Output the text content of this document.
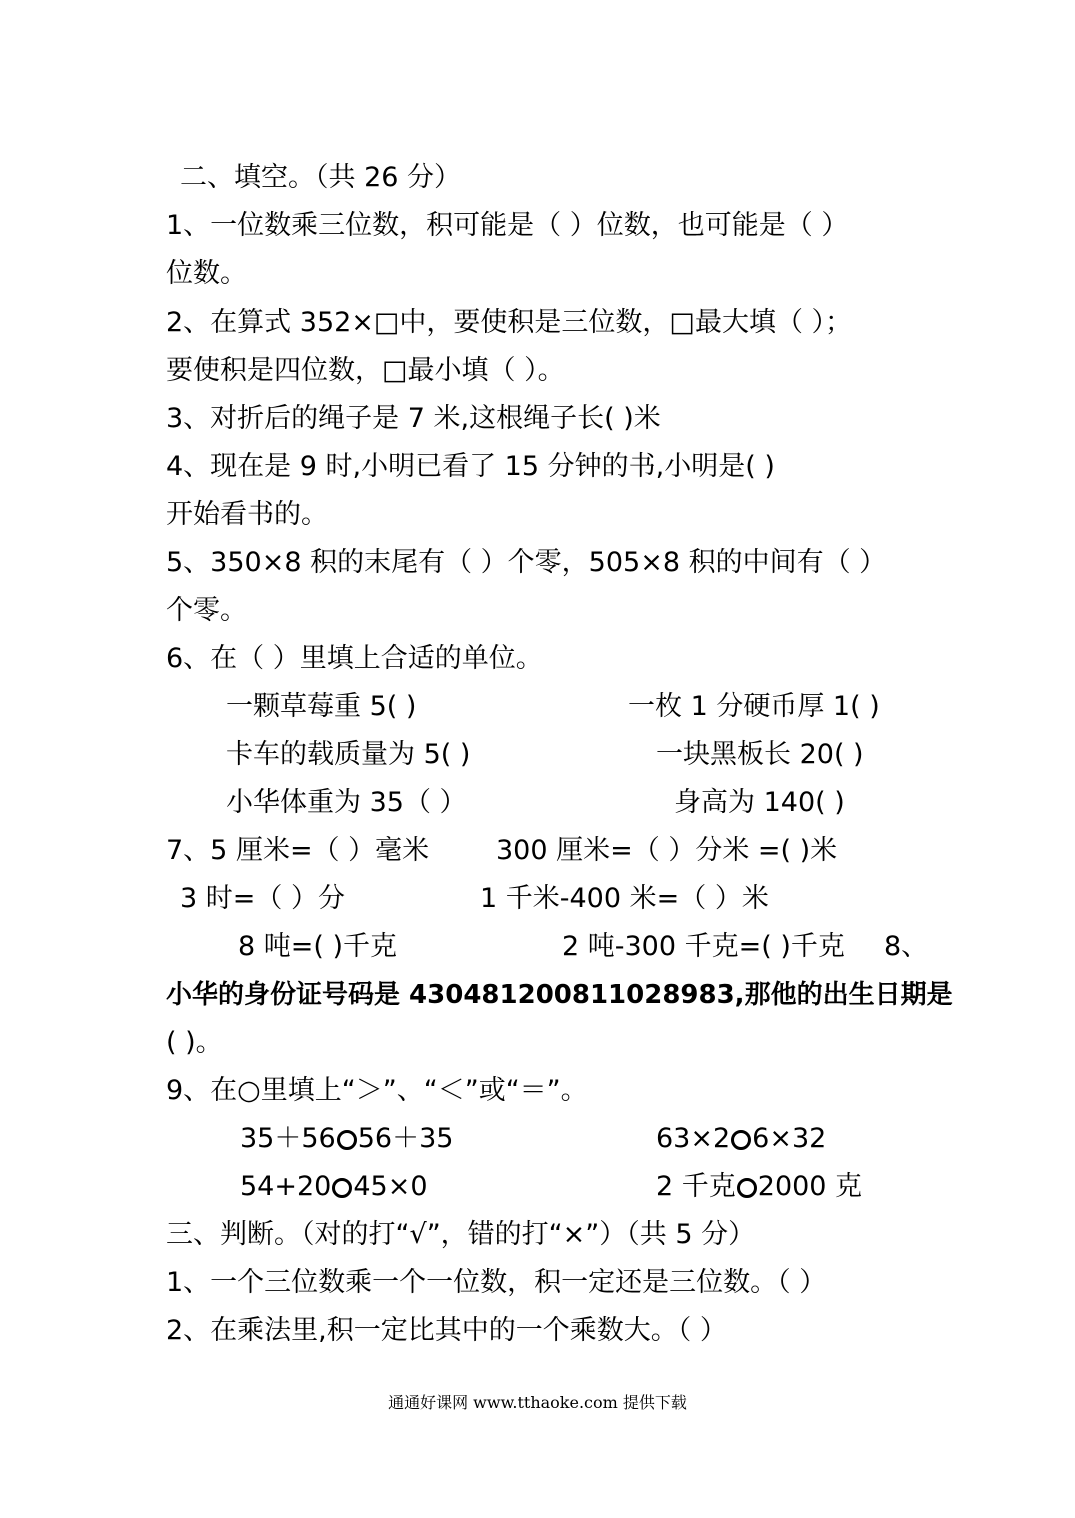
二、填空。（共 26 分）
1、一位数乘三位数，积可能是（ ）位数，也可能是（ ）
位数。
2、在算式 352×□中，要使积是三位数，□最大填（ ）；
要使积是四位数，□最小填（ ）。
3、对折后的绳子是 7 米,这根绳子长( )米
4、现在是 9 时,小明已看了 15 分钟的书,小明是( )
开始看书的。
5、350×8 积的末尾有（ ）个零，505×8 积的中间有（ ）
个零。
6、在（ ）里填上合适的单位。
一颗草莓重 5( )	一枚 1 分硬币厚 1( )
卡车的载质量为 5( )	一块黑板长 20( )
小华体重为 35（ ）	身高为 140( )
7、5 厘米=（ ）毫米 300 厘米=（ ）分米 =( )米
3 时=（ ）分	1 千米-400 米=（ ）米
8 吨=( )千克	2 吨-300 千克=( )千克 8、
小华的身份证号码是 430481200811028983,那他的出生日期是
( )。
9、在○里填上“＞”、“＜”或“＝”。
35＋56 56＋35	63×2 6×32
54+20 45×0	2 千克 2000 克
三、判断。（对的打“√”，错的打“×”）（共 5 分）
1、一个三位数乘一个一位数，积一定还是三位数。（ ）
2、在乘法里,积一定比其中的一个乘数大。（ ）
通通好课网 www.tthaoke.com 提供下载
